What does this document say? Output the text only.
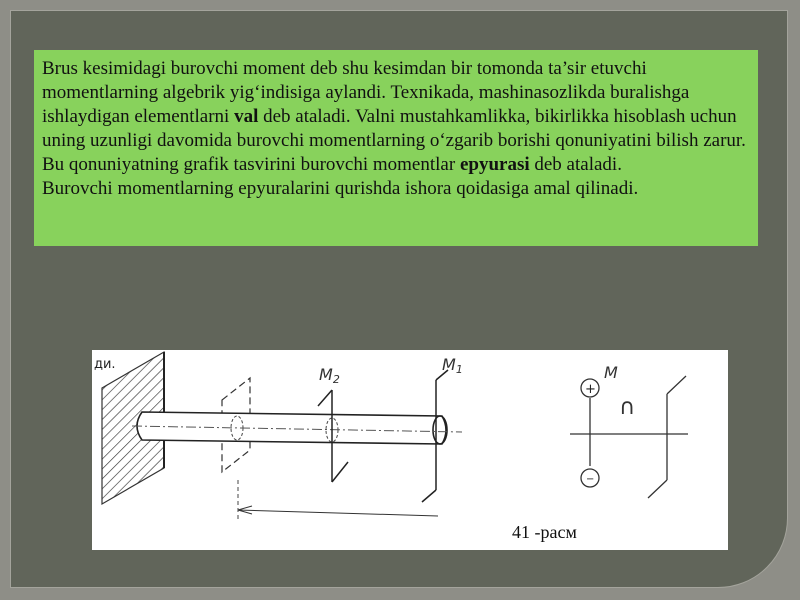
Brus kesimidagi burovchi moment deb shu kesimdan bir tomonda ta’sir etuvchi momentlarning algebrik yig‘indisiga aylandi. Texnikada, mashinasozlikda buralishga ishlaydigan elementlarni val deb ataladi. Valni mustahkamlikka, bikirlikka hisoblash uchun uning uzunligi davomida burovchi momentlarning o‘zgarib borishi qonuniyatini bilish zarur. Bu qonuniyatning grafik tasvirini burovchi momentlar epyurasi deb ataladi.

Burovchi momentlarning epyuralarini qurishda ishora qoidasiga amal qilinadi.

ди.
M2
M1	M
+
−
∩
41 -рaсм
